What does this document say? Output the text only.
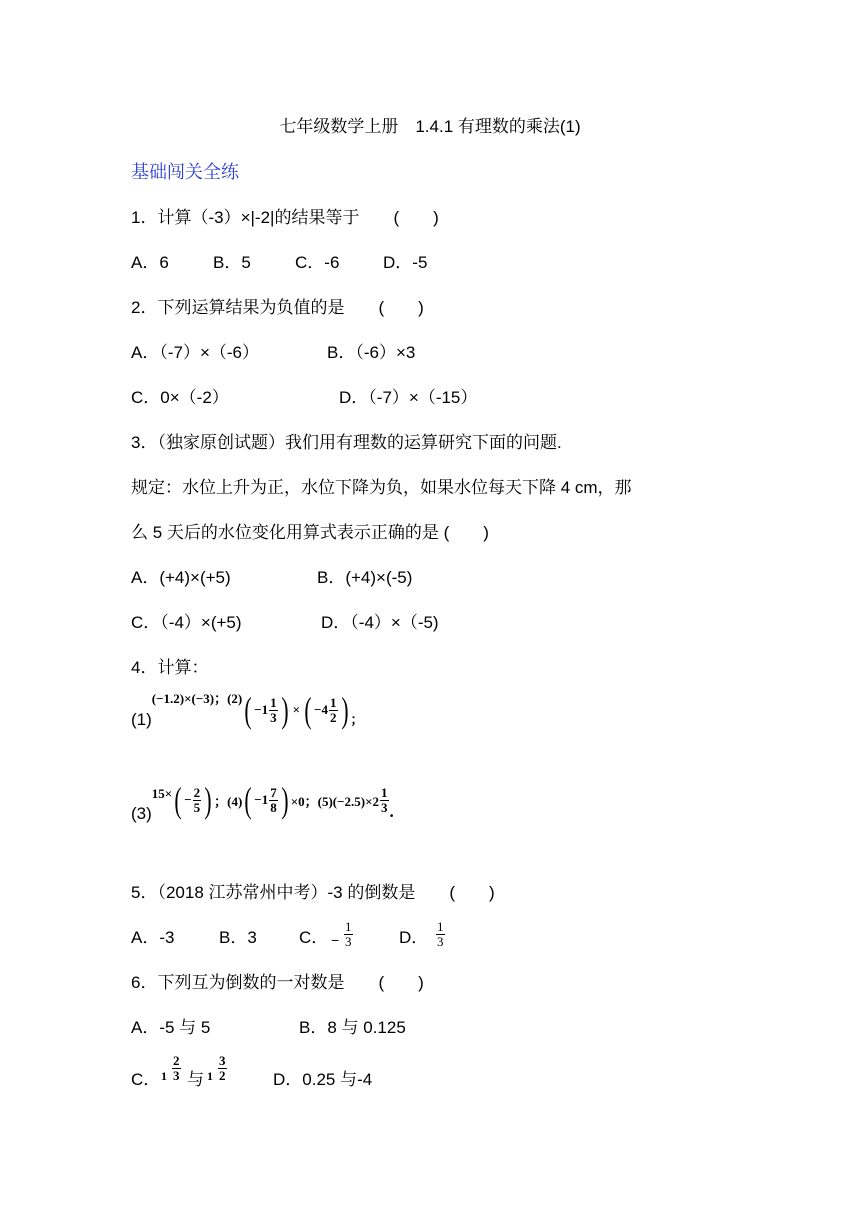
七年级数学上册　1.4.1 有理数的乘法(1)
基础闯关全练
1．计算（-3）×|-2|的结果等于　　(　　)
A．6	B．5	C．-6	D．-5
2．下列运算结果为负值的是　　(　　)
A．（-7）×（-6）	B．（-6）×3
C．0×（-2）	D．（-7）×（-15）
3．（独家原创试题）我们用有理数的运算研究下面的问题.
规定：水位上升为正，水位下降为负，如果水位每天下降 4 cm，那
么 5 天后的水位变化用算式表示正确的是 (　　)
A．(+4)×(+5)	B．(+4)×(-5)
C．（-4）×(+5)	D．（-4）×（-5)
4．计算：
(1)
(−1.2)×(−3)；(2) ( $-1 \frac{1}{3}$ ) × ( $-4 \frac{1}{2}$ ) ；
(3)
15× ( − $\frac{2}{5}$ ) ；(4) ( $-1 \frac{7}{8}$ ) ×0；$(5)(-2.5)\times 2 \frac{1}{3}$ .
5．（2018 江苏常州中考）-3 的倒数是　　(　　)
A．-3	B．3 C． − $\frac{1}{3}$	D． $\frac{1}{3}$
6．下列互为倒数的一对数是　　(　　)
A．-5 与 5	B．8 与 0.125
C． $1 \frac{2}{3}$ 与 $1 \frac{3}{2}$	D．0.25 与-4
